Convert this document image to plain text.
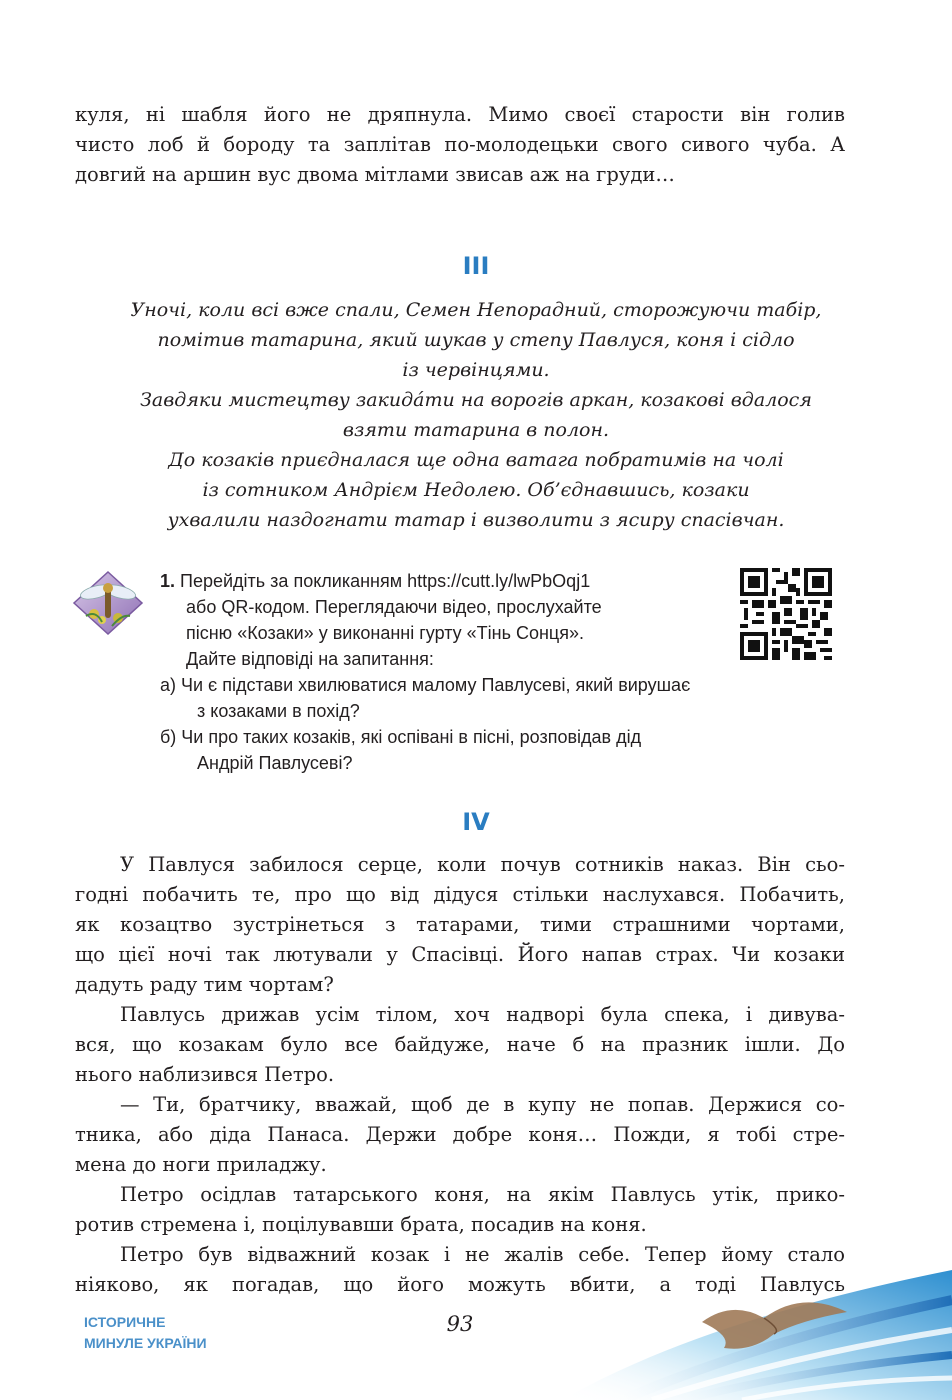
куля, ні шабля його не дряпнула. Мимо своєї старости він голив
чисто лоб й бороду та заплітав по-молодецьки свого сивого чуба. А
довгий на аршин вус двома мітлами звисав аж на груди…
III
Уночі, коли всі вже спали, Семен Непорадний, сторожуючи табір,
помітив татарина, який шукав у степу Павлуся, коня і сідло
із червінцями.
Завдяки мистецтву закида́ти на ворогів аркан, козакові вдалося
взяти татарина в полон.
До козаків приєдналася ще одна ватага побратимів на чолі
із сотником Андрієм Недолею. Об’єднавшись, козаки
ухвалили наздогнати татар і визволити з ясиру спасівчан.
1. Перейдіть за покликанням https://cutt.ly/lwPbOqj1
або QR-кодом. Переглядаючи відео, прослухайте
пісню «Козаки» у виконанні гурту «Тінь Сонця».
Дайте відповіді на запитання:
а) Чи є підстави хвилюватися малому Павлусеві, який вирушає
з козаками в похід?
б) Чи про таких козаків, які оспівані в пісні, розповідав дід
Андрій Павлусеві?
IV
У Павлуся забилося серце, коли почув сотників наказ. Він сьо-
годні побачить те, про що від дідуся стільки наслухався. Побачить,
як козацтво зустрінеться з татарами, тими страшними чортами,
що цієї ночі так лютували у Спасівці. Його напав страх. Чи козаки
дадуть раду тим чортам?
Павлусь дрижав усім тілом, хоч надворі була спека, і дивува-
вся, що козакам було все байдуже, наче б на празник ішли. До
нього наблизився Петро.
— Ти, братчику, вважай, щоб де в купу не попав. Держися со-
тника, або діда Панаса. Держи добре коня… Пожди, я тобі стре-
мена до ноги приладжу.
Петро осідлав татарського коня, на якім Павлусь утік, прико-
ротив стремена і, поцілувавши брата, посадив на коня.
Петро був відважний козак і не жалів себе. Тепер йому стало
ніяково, як погадав, що його можуть вбити, а тоді Павлусь
ІСТОРИЧНЕ
МИНУЛЕ УКРАЇНИ
93
